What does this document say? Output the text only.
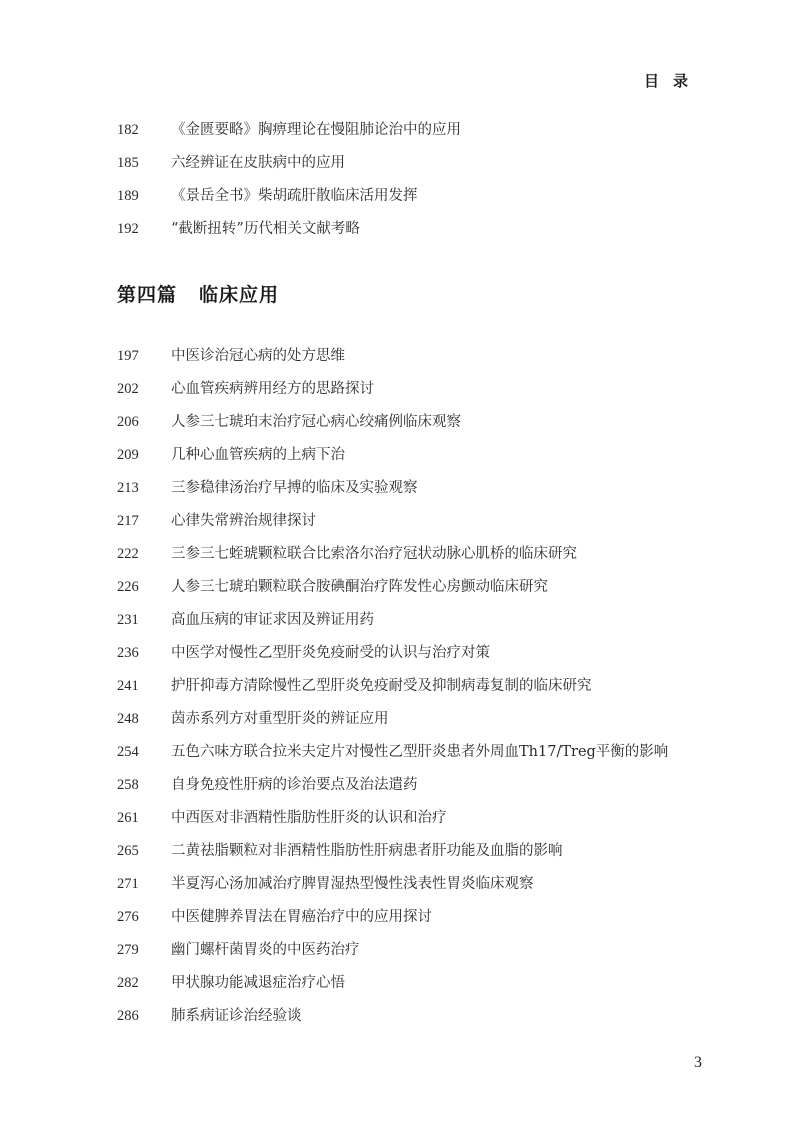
目录
182 《金匮要略》胸痹理论在慢阻肺论治中的应用
185 六经辨证在皮肤病中的应用
189 《景岳全书》柴胡疏肝散临床活用发挥
192 “截断扭转”历代相关文献考略
第四篇 临床应用
197 中医诊治冠心病的处方思维
202 心血管疾病辨用经方的思路探讨
206 人参三七琥珀末治疗冠心病心绞痛例临床观察
209 几种心血管疾病的上病下治
213 三参稳律汤治疗早搏的临床及实验观察
217 心律失常辨治规律探讨
222 三参三七蛭琥颗粒联合比索洛尔治疗冠状动脉心肌桥的临床研究
226 人参三七琥珀颗粒联合胺碘酮治疗阵发性心房颤动临床研究
231 高血压病的审证求因及辨证用药
236 中医学对慢性乙型肝炎免疫耐受的认识与治疗对策
241 护肝抑毒方清除慢性乙型肝炎免疫耐受及抑制病毒复制的临床研究
248 茵赤系列方对重型肝炎的辨证应用
254 五色六味方联合拉米夫定片对慢性乙型肝炎患者外周血Th17/Treg平衡的影响
258 自身免疫性肝病的诊治要点及治法遣药
261 中西医对非酒精性脂肪性肝炎的认识和治疗
265 二黄祛脂颗粒对非酒精性脂肪性肝病患者肝功能及血脂的影响
271 半夏泻心汤加减治疗脾胃湿热型慢性浅表性胃炎临床观察
276 中医健脾养胃法在胃癌治疗中的应用探讨
279 幽门螺杆菌胃炎的中医药治疗
282 甲状腺功能减退症治疗心悟
286 肺系病证诊治经验谈
3
